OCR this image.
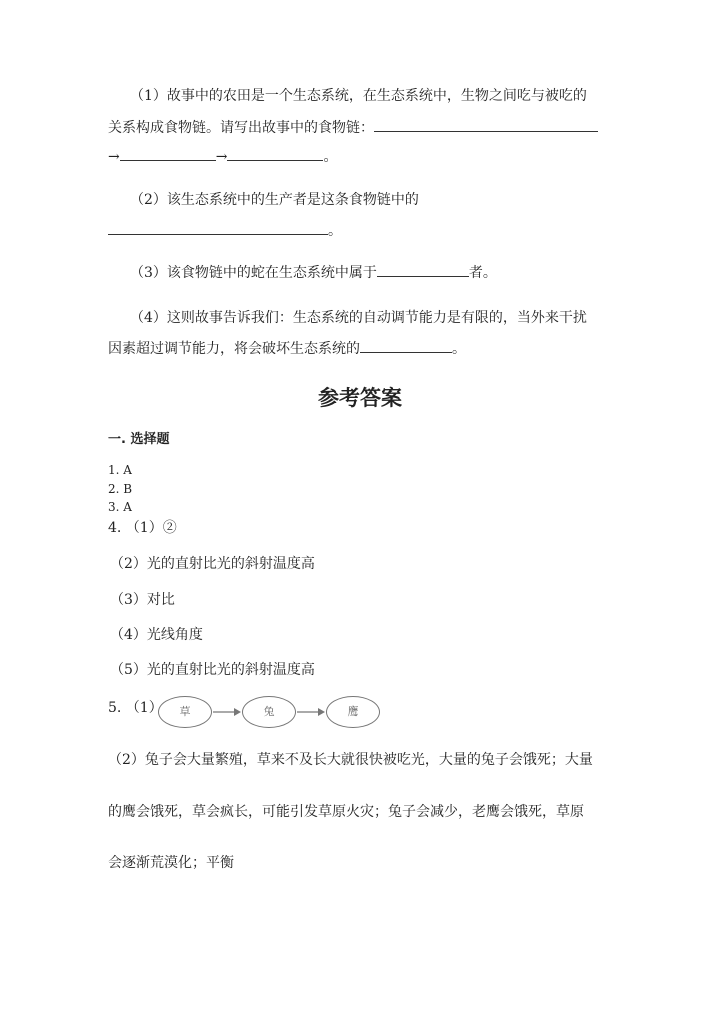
（1）故事中的农田是一个生态系统，在生态系统中，生物之间吃与被吃的
关系构成食物链。请写出故事中的食物链：
→	→	。
（2）该生态系统中的生产者是这条食物链中的
。
（3）该食物链中的蛇在生态系统中属于	者。
（4）这则故事告诉我们：生态系统的自动调节能力是有限的，当外来干扰
因素超过调节能力，将会破坏生态系统的	。
参考答案
一. 选择题
1. A
2. B
3. A
4. （1）②
（2）光的直射比光的斜射温度高
（3）对比
（4）光线角度
（5）光的直射比光的斜射温度高
5. （1）	草	兔	鹰
（2）兔子会大量繁殖，草来不及长大就很快被吃光，大量的兔子会饿死；大量
的鹰会饿死，草会疯长，可能引发草原火灾；兔子会减少，老鹰会饿死，草原
会逐渐荒漠化；平衡
